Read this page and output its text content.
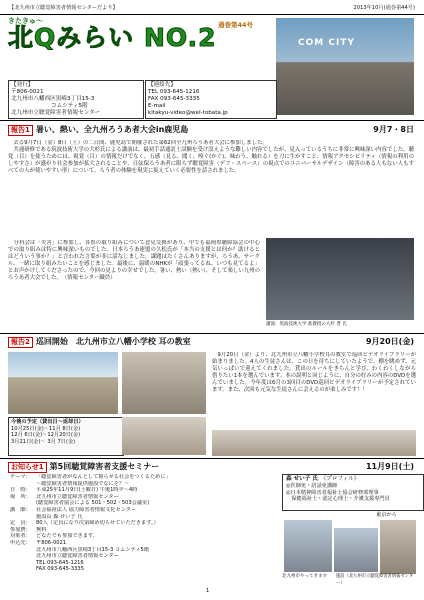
【北九州市立聴覚障害者情報センターだより】	2013年10月(通巻第44号)
きたきゅ〜
北Qみらい NO.2 通巻第44号
COM CITY
【発行】
〒806-0021
北九州市八幡西区黒崎3丁目15-3
コムシティ5階
北九州市立聴覚障害者情報センター
【連絡先】
TEL 093-645-1216
FAX 093-645-3335
E-mail
kitakyu-video@wel-tobata.jp
報告1 暑い、熱い、全九州ろうあ者大会in鹿児島	9月7・8日
　去る9月7日（金）8日（土）の二日間、鹿児島で開催された第62回全九州ろうあ者大会に参加しました。
　共通研修である筑波技術大学の大杉氏による講演は、最初手話通訳士試験を受け設えような難しい内容でしたが、見入っているうちに非常に興味深い内容でした。聴覚（目）を使うためには、視覚（目）の情報だけでなく、五感（見る、聞く、嗅ぐ(かぐ)、味わう、触れる）を刀に生かすこと、情報アクセシビリティ（情報の利用のしやすさ）が盛がり社会参加が拡大されることや、日弦保ろうあ者に限らず聴覚障害（デフ・スペース）の視点でのユニバーサルデザイン（障害のある人もない人もすべての人が使いやすい形）について、ろう者の体験を現実に捉えていく必要性を話されました。
　分科会は「災害」に参加し、各県の取り組みについて意見交換があり、中でも福岡県聴障協会の中心での取り組みは特に興味深いものでした。日本ろうあ連盟の久松氏が「本当の支援とは何か？助けるとはどういう事か？」と言われた言葉が非に話なしました。課題はたくさんありますが、ろうあ、サークル、一緒に取り組みたいことを感じました。最後に、温暖のNHKが「頑張ってるね、いつも見てるよ」とお声かけしてくださったので、今回の見よりの幸せでした。暑い、熱い（熱い）、そして楽しい九州のろうあ者大会でした。　（情報センター職員）
講演：筑波技術大学 准教授の大杉 豊 氏
報告2 巡回開始　北九州市立八幡小学校 耳の教室	9月20日(金)
　9月20日（金）より、北九州市立八幡小学校耳の教室で巡回ビデオライブラリーが始まりました。4人の生徒さんは、この日を待ちにしていたようで、棚を眺めず、元気いっぱいで迎えてくれました。貸出のルールをきちんと学び、わくわくしながら借りたい1本を選んでいます。本の説明と同じように、自分の好みの内容のDVDを選んでいました。今年度は6月の3回目のDVD巡回ビデオライブラリーが予定されています。また、次回も元気な生徒さんに会えるのが楽しみです！！
今後の予定（貸出日〜返却日）
10月25日(金)〜11月 8日(金)
12月 6日(金)〜12月20日(金)
3月21日(金)〜 3月 7日(金)
お知らせ1 第5回聴覚障害者支援セミナー	11月9日(土)
テーマ： 「聴覚障害者がなんとして暮らせる社会をつくるために」
〜聴覚障害者情報提供施設でなにを？〜
日　時： 平成25年11月9日(土曜日) 午後1時半〜4時
場　所： 北九州市立聴覚障害者情報センター
(聴覚障害者協会による 501・502・503会議室)
講　師： 社会福祉法人 協力障害者情報文化センター
施設長 森 せい子 氏
定　員： 80人（定員になり次第締め切らせていただきます。）
参加費： 無料
対象者： どなたでも参加できます。
申込先： 〒806-0021
北九州市八幡西区黒崎3丁目15-3 コムシティ5階
北九州市立聴覚障害者情報センター
TEL 093-645-1216
FAX 093-645-3335
森 せい子 氏　 《プロフィル》
◎医師免・語話免講師
◎日本精神障害者福祉士協会研修部理事
　保健福祉士・認定心理士・介護支援専門員
東京から
北九州市やってきます	施設（北九州市立聴覚障害者情報センター）
1
